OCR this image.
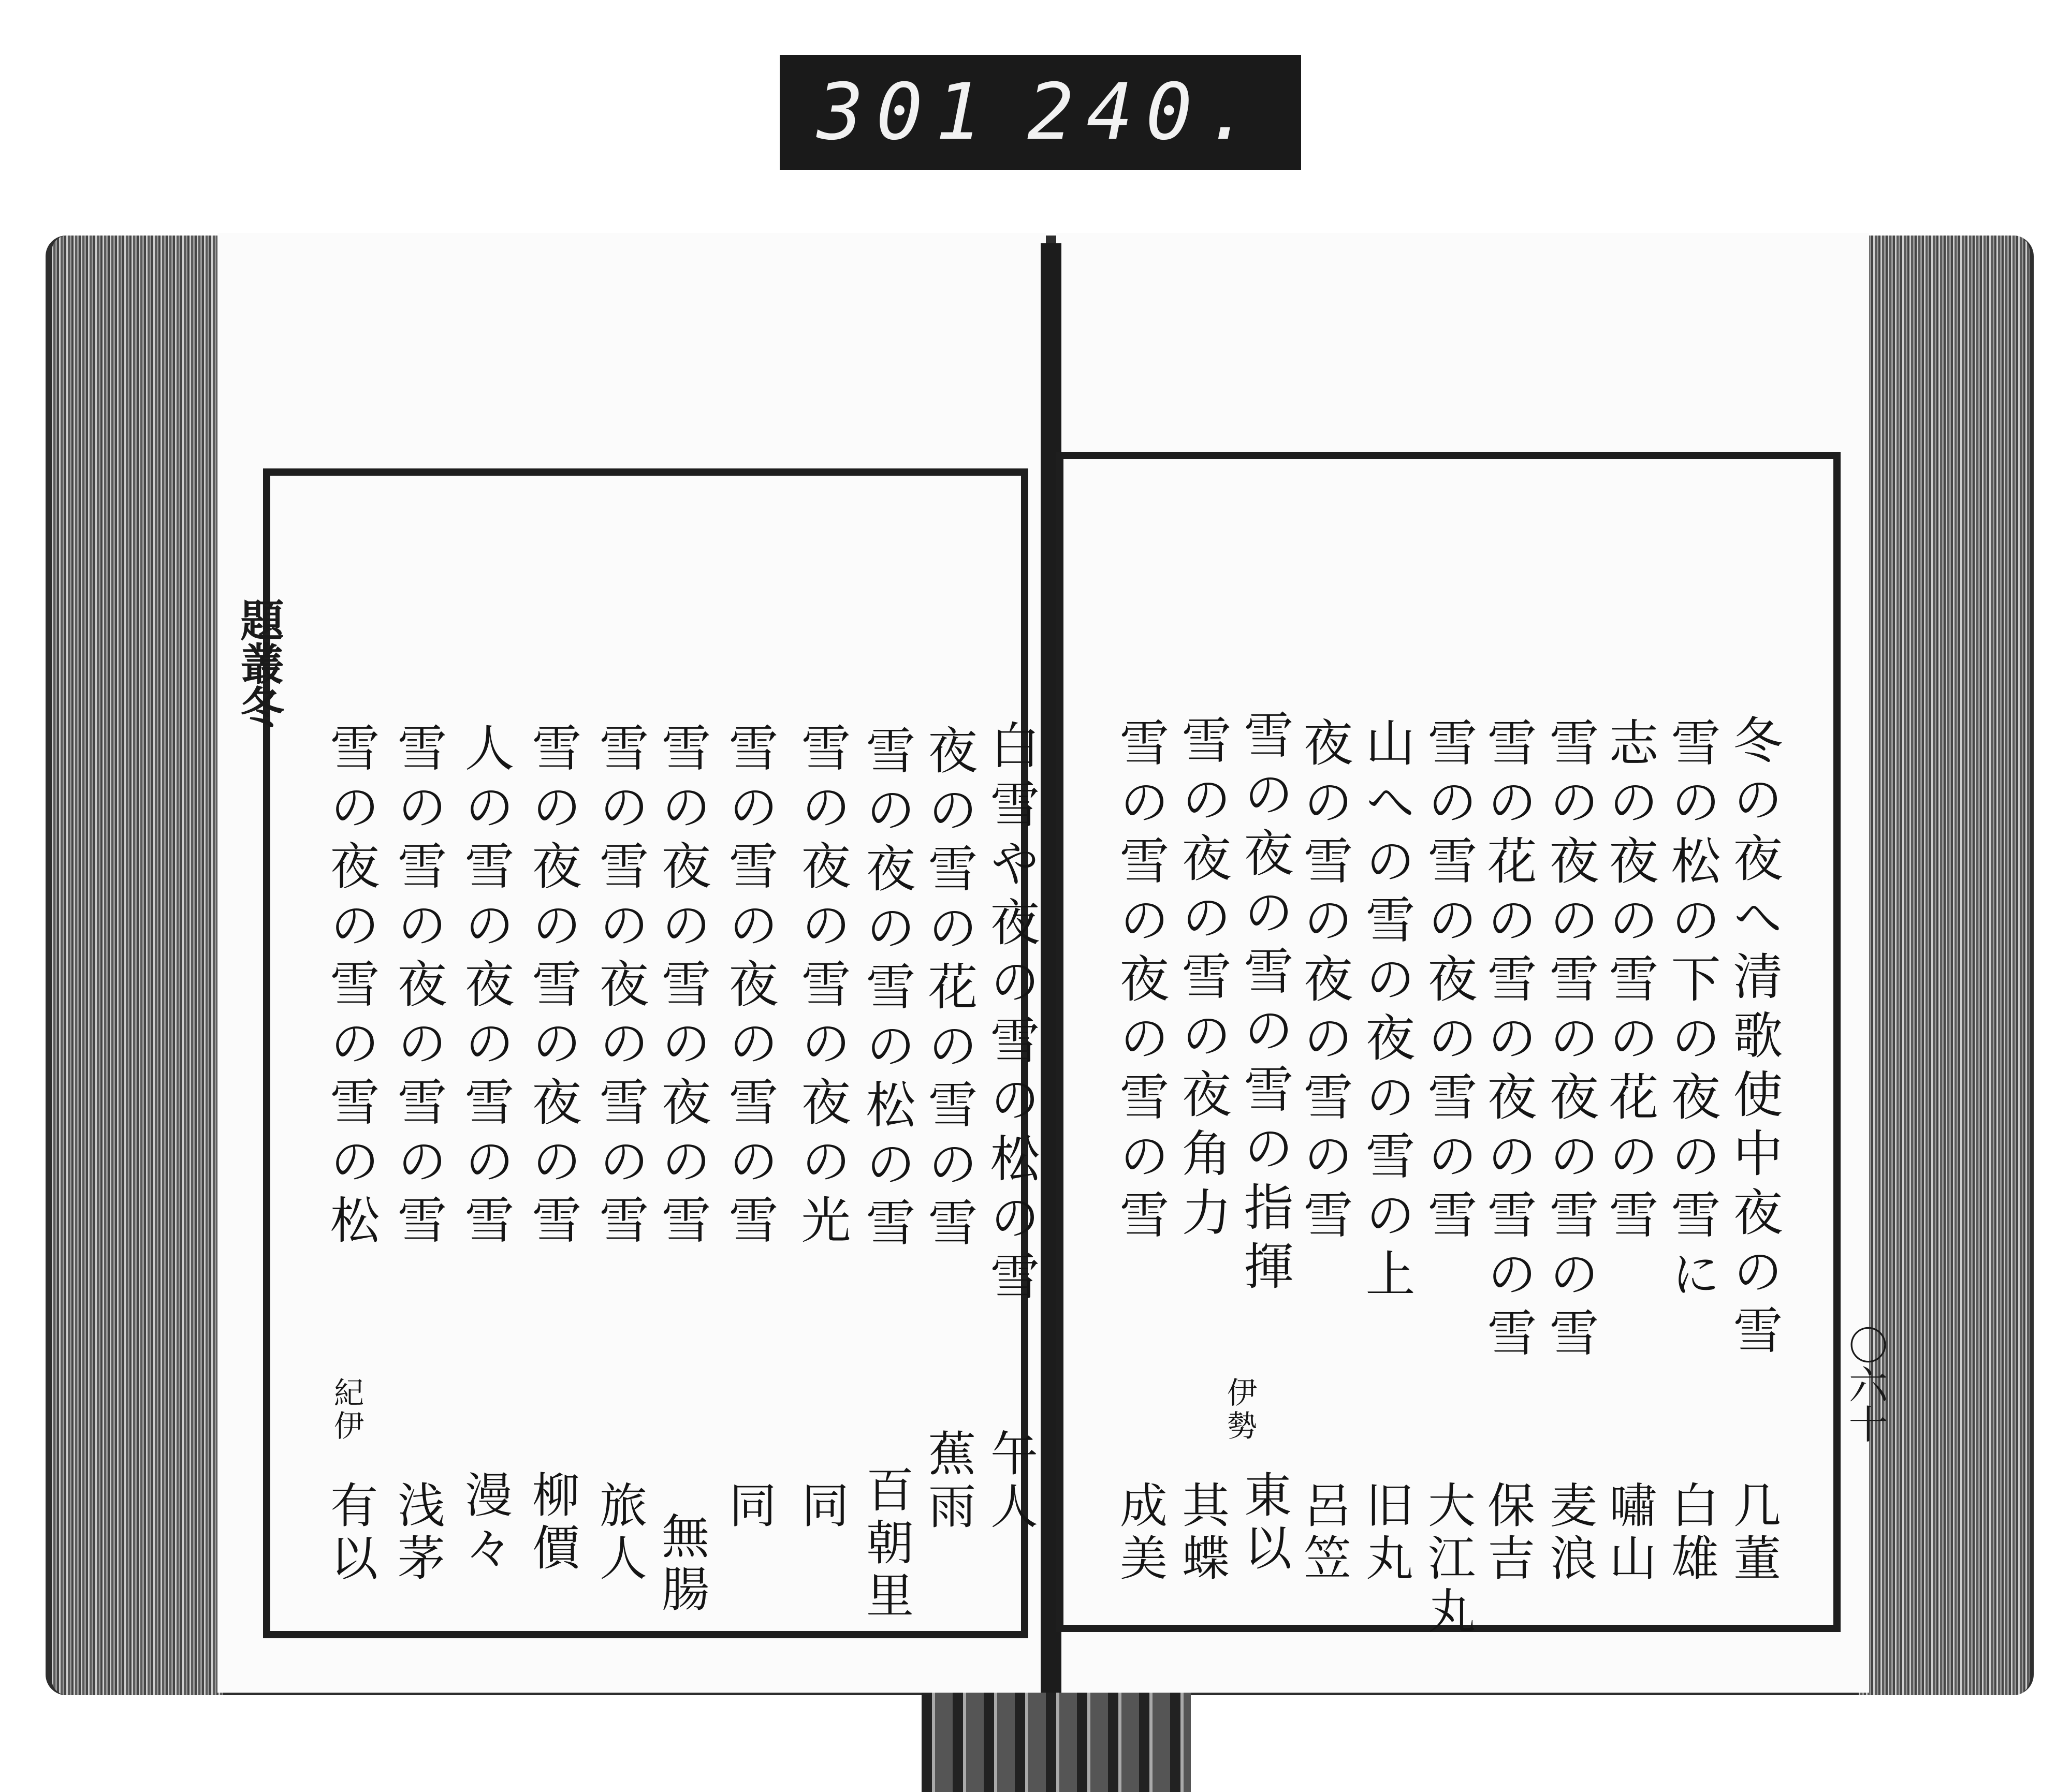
301 240.
題叢冬
〇六十
冬の夜へ清歌使中夜の雪
雪の松の下の夜の雪に
志の夜の雪の花の雪
雪の夜の雪の夜の雪の雪
雪の花の雪の夜の雪の雪
雪の雪の夜の雪の雪
山への雪の夜の雪の上
夜の雪の夜の雪の雪
雪の夜の雪の雪の指揮
雪の夜の雪の夜角力
雪の雪の夜の雪の雪
几董
白雄
嘯山
麦浪
保吉
大江丸
旧丸
呂笠
伊勢
東以
其蝶
成美
白雪や夜の雪の松の雪
夜の雪の花の雪の雪
雪の夜の雪の松の雪
雪の夜の雪の夜の光
雪の雪の夜の雪の雪
雪の夜の雪の夜の雪
雪の雪の夜の雪の雪
雪の夜の雪の夜の雪
人の雪の夜の雪の雪
雪の雪の夜の雪の雪
雪の夜の雪の雪の松
午人
蕉雨
百朝里
同
同
無腸
旅人
柳價
漫々
浅茅
紀伊
有以
